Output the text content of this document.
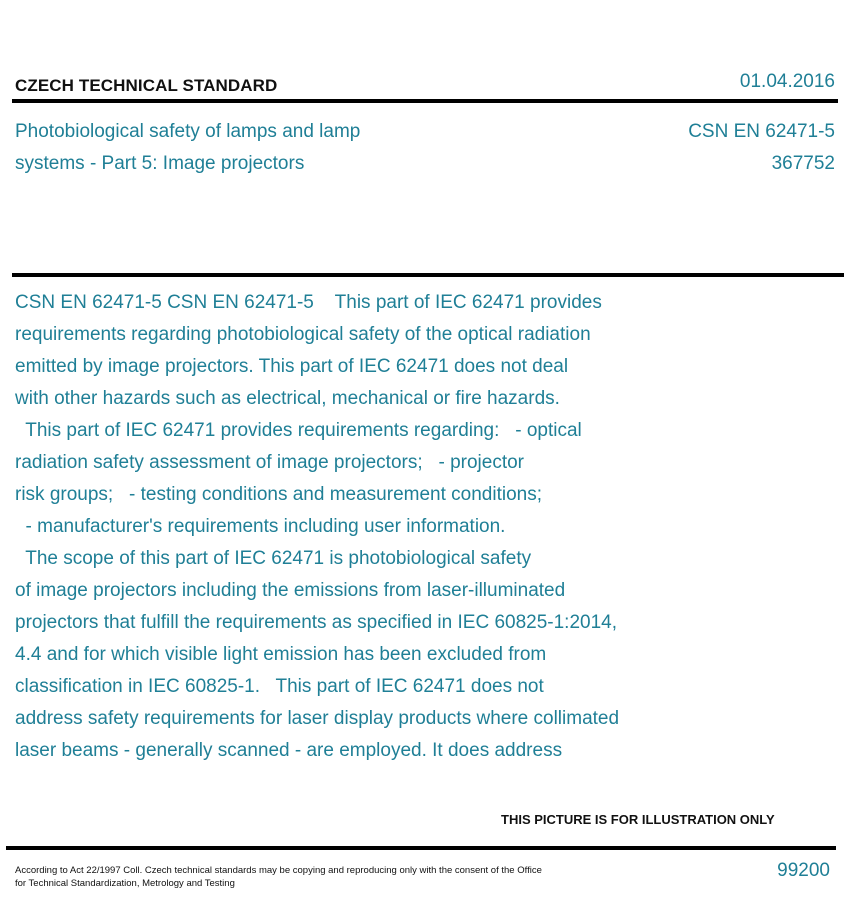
CZECH TECHNICAL STANDARD	01.04.2016
Photobiological safety of lamps and lamp
systems - Part 5: Image projectors
CSN EN 62471-5
367752
CSN EN 62471-5 CSN EN 62471-5    This part of IEC 62471 provides
requirements regarding photobiological safety of the optical radiation
emitted by image projectors. This part of IEC 62471 does not deal
with other hazards such as electrical, mechanical or fire hazards.
This part of IEC 62471 provides requirements regarding:   - optical
radiation safety assessment of image projectors;   - projector
risk groups;   - testing conditions and measurement conditions;
- manufacturer's requirements including user information.
The scope of this part of IEC 62471 is photobiological safety
of image projectors including the emissions from laser-illuminated
projectors that fulfill the requirements as specified in IEC 60825-1:2014,
4.4 and for which visible light emission has been excluded from
classification in IEC 60825-1.   This part of IEC 62471 does not
address safety requirements for laser display products where collimated
laser beams - generally scanned - are employed. It does address
THIS PICTURE IS FOR ILLUSTRATION ONLY
According to Act 22/1997 Coll. Czech technical standards may be copying and reproducing only with the consent of the Office
for Technical Standardization, Metrology and Testing
99200
